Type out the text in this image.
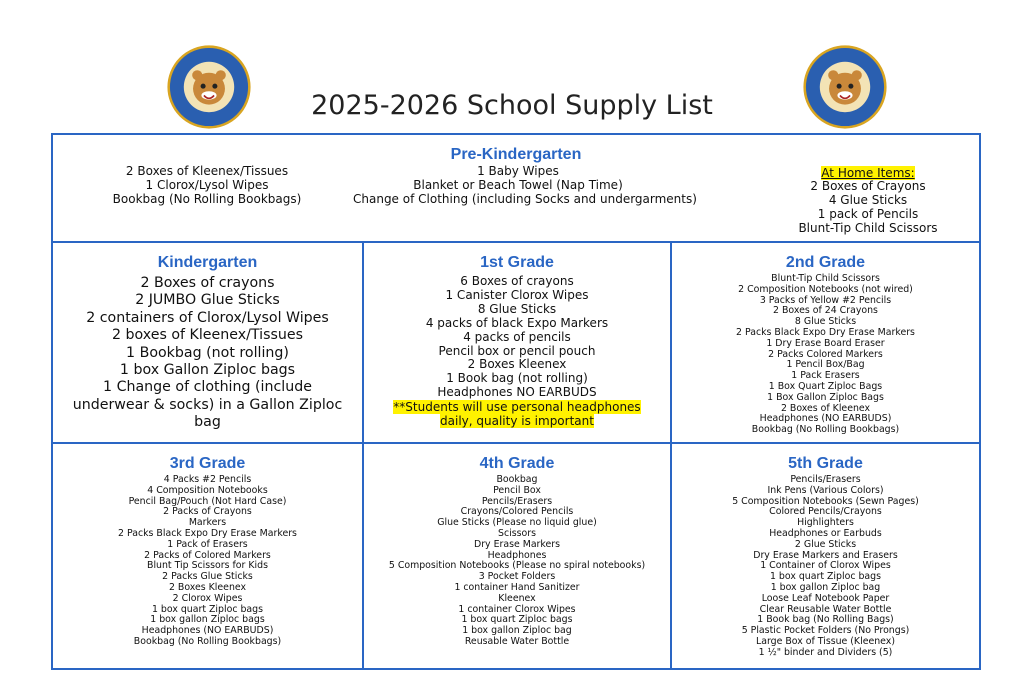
2025-2026 School Supply List
Pre-Kindergarten
2 Boxes of Kleenex/Tissues
1 Clorox/Lysol Wipes
Bookbag (No Rolling Bookbags)
1 Baby Wipes
Blanket or Beach Towel (Nap Time)
Change of Clothing (including Socks and undergarments)
At Home Items:
2 Boxes of Crayons
4 Glue Sticks
1 pack of Pencils
Blunt-Tip Child Scissors
Kindergarten
2 Boxes of crayons
2 JUMBO Glue Sticks
2 containers of Clorox/Lysol Wipes
2 boxes of Kleenex/Tissues
1 Bookbag (not rolling)
1 box Gallon Ziploc bags
1 Change of clothing (include underwear & socks) in a Gallon Ziploc bag
1st Grade
6 Boxes of crayons
1 Canister Clorox Wipes
8 Glue Sticks
4 packs of black Expo Markers
4 packs of pencils
Pencil box or pencil pouch
2 Boxes Kleenex
1 Book bag (not rolling)
Headphones NO EARBUDS
**Students will use personal headphones daily, quality is important
2nd Grade
Blunt-Tip Child Scissors
2 Composition Notebooks (not wired)
3 Packs of Yellow #2 Pencils
2 Boxes of 24 Crayons
8 Glue Sticks
2 Packs Black Expo Dry Erase Markers
1 Dry Erase Board Eraser
2 Packs Colored Markers
1 Pencil Box/Bag
1 Pack Erasers
1 Box Quart Ziploc Bags
1 Box Gallon Ziploc Bags
2 Boxes of Kleenex
Headphones (NO EARBUDS)
Bookbag (No Rolling Bookbags)
3rd Grade
4 Packs #2 Pencils
4 Composition Notebooks
Pencil Bag/Pouch (Not Hard Case)
2 Packs of Crayons
Markers
2 Packs Black Expo Dry Erase Markers
1 Pack of Erasers
2 Packs of Colored Markers
Blunt Tip Scissors for Kids
2 Packs Glue Sticks
2 Boxes Kleenex
2 Clorox Wipes
1 box quart Ziploc bags
1 box gallon Ziploc bags
Headphones (NO EARBUDS)
Bookbag (No Rolling Bookbags)
4th Grade
Bookbag
Pencil Box
Pencils/Erasers
Crayons/Colored Pencils
Glue Sticks (Please no liquid glue)
Scissors
Dry Erase Markers
Headphones
5 Composition Notebooks (Please no spiral notebooks)
3 Pocket Folders
1 container Hand Sanitizer
Kleenex
1 container Clorox Wipes
1 box quart Ziploc bags
1 box gallon Ziploc bag
Reusable Water Bottle
5th Grade
Pencils/Erasers
Ink Pens (Various Colors)
5 Composition Notebooks (Sewn Pages)
Colored Pencils/Crayons
Highlighters
Headphones or Earbuds
2 Glue Sticks
Dry Erase Markers and Erasers
1 Container of Clorox Wipes
1 box quart Ziploc bags
1 box gallon Ziploc bag
Loose Leaf Notebook Paper
Clear Reusable Water Bottle
1 Book bag (No Rolling Bags)
5 Plastic Pocket Folders (No Prongs)
Large Box of Tissue (Kleenex)
1 ½" binder and Dividers (5)
